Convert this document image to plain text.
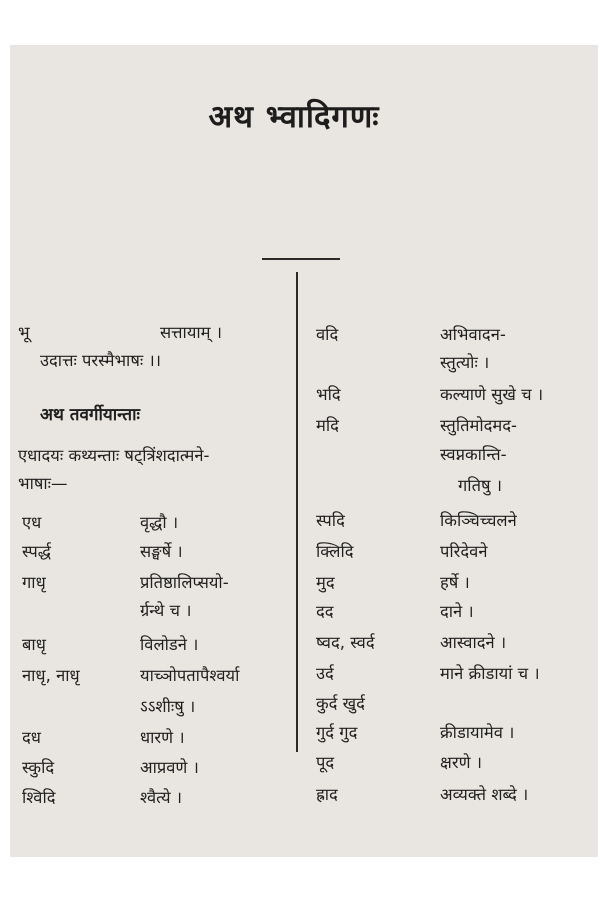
अथ भ्वादिगणः
भू	सत्तायाम् ।
उदात्तः परस्मैभाषः ।।
अथ तवर्गीयान्ताः
एधादयः कथ्यन्ताः षट्त्रिंशदात्मने-
भाषाः—
एध	वृद्धौ ।
स्पर्द्ध	सङ्घर्षे ।
गाधृ	प्रतिष्ठालिप्सयो-
र्ग्रन्थे च ।
बाधृ	विलोडने ।
नाधृ, नाधृ	याच्ञोपतापैश्वर्या
ऽऽशीःषु ।
दध	धारणे ।
स्कुदि	आप्रवणे ।
श्विदि	श्वैत्ये ।
वदि	अभिवादन-
स्तुत्योः ।
भदि	कल्याणे सुखे च ।
मदि	स्तुतिमोदमद-
स्वप्नकान्ति-
गतिषु ।
स्पदि	किञ्चिच्चलने
क्लिदि	परिदेवने
मुद	हर्षे ।
दद	दाने ।
ष्वद, स्वर्द	आस्वादने ।
उर्द	माने क्रीडायां च ।
कुर्द खुर्द
गुर्द गुद	क्रीडायामेव ।
पूद	क्षरणे ।
ह्राद	अव्यक्ते शब्दे ।
